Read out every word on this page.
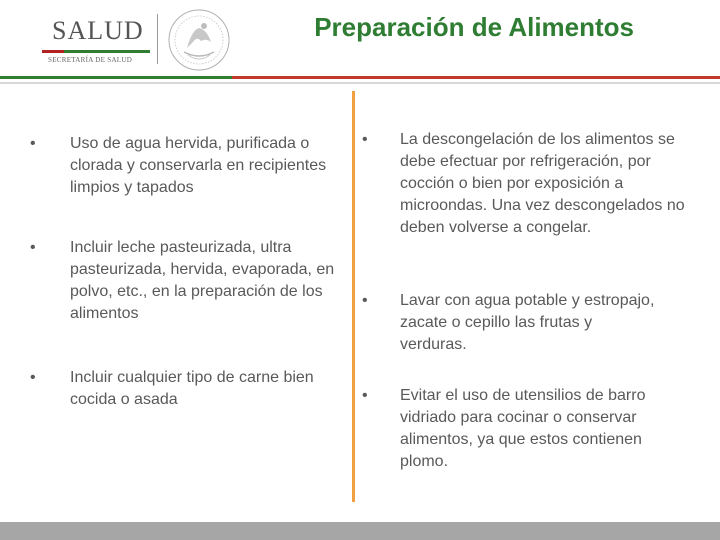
SALUD
SECRETARÍA DE SALUD
Preparación de Alimentos
• Uso de agua hervida, purificada o clorada y conservarla en recipientes limpios y tapados
• Incluir leche pasteurizada, ultra pasteurizada, hervida, evaporada, en polvo, etc., en la preparación de los alimentos
• Incluir cualquier tipo de carne bien cocida o asada
• La descongelación de los alimentos se debe efectuar por refrigeración, por cocción o bien por exposición a microondas. Una vez descongelados no deben volverse a congelar.
• Lavar con agua potable y estropajo, zacate o cepillo las frutas y verduras.
• Evitar el uso de utensilios de barro vidriado para cocinar o conservar alimentos, ya que estos contienen plomo.
